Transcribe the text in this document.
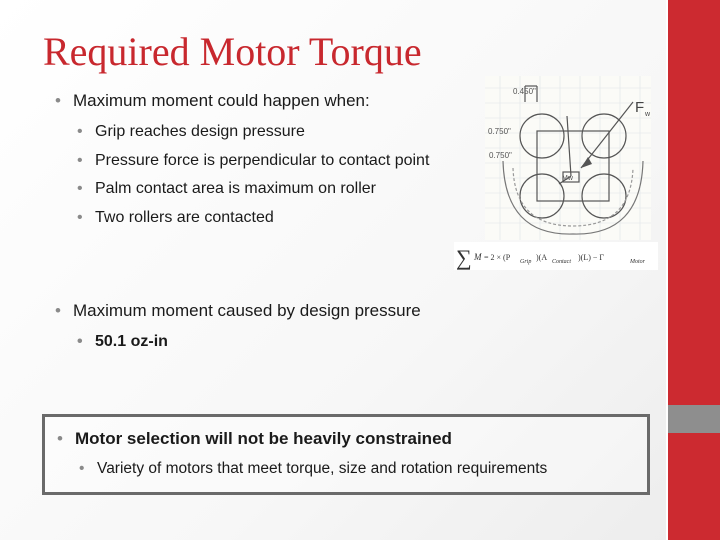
Required Motor Torque
• Maximum moment could happen when:
• Grip reaches design pressure
• Pressure force is perpendicular to contact point
• Palm contact area is maximum on roller
• Two rollers are contacted
• Maximum moment caused by design pressure
• 50.1 oz-in
0.450"
0.750"
0.750"
Mw
F w
∑ M = 2 × (P Grip )(A Contact )(L) − Γ	Motor
• Motor selection will not be heavily constrained
• Variety of motors that meet torque, size and rotation requirements
